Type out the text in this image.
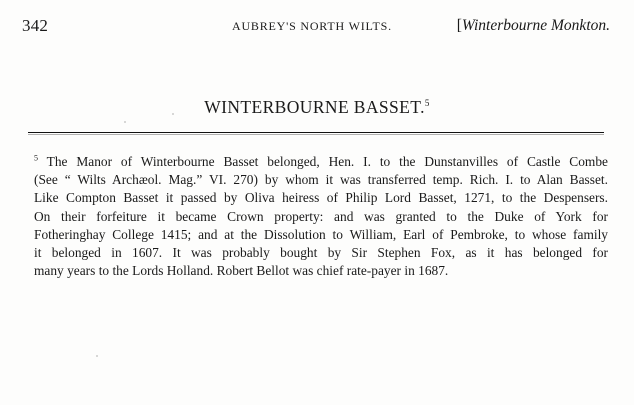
342	AUBREY'S NORTH WILTS.	[Winterbourne Monkton.
WINTERBOURNE BASSET.$^5$
$^5$ The Manor of Winterbourne Basset belonged, Hen. I. to the Dunstanvilles of Castle Combe
(See “ Wilts Archæol. Mag.” VI. 270) by whom it was transferred temp. Rich. I. to Alan Basset.
Like Compton Basset it passed by Oliva heiress of Philip Lord Basset, 1271, to the Despensers.
On their forfeiture it became Crown property: and was granted to the Duke of York for
Fotheringhay College 1415; and at the Dissolution to William, Earl of Pembroke, to whose family
it belonged in 1607. It was probably bought by Sir Stephen Fox, as it has belonged for
many years to the Lords Holland. Robert Bellot was chief rate-payer in 1687.
